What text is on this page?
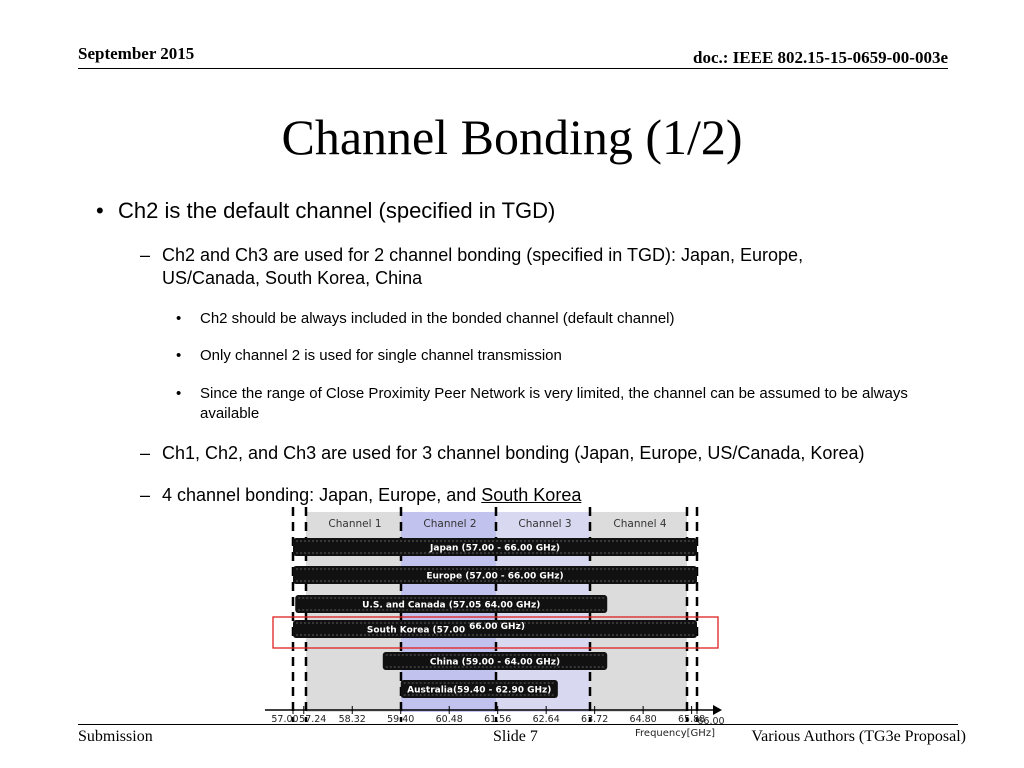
September 2015	doc.: IEEE 802.15-15-0659-00-003e
Channel Bonding (1/2)
• Ch2 is the default channel (specified in TGD)
– Ch2 and Ch3 are used for 2 channel bonding (specified in TGD): Japan, Europe, US/Canada, South Korea, China
• Ch2 should be always included in the bonded channel (default channel)
• Only channel 2 is used for single channel transmission
• Since the range of Close Proximity Peer Network is very limited, the channel can be assumed to be always available
– Ch1, Ch2, and Ch3 are used for 3 channel bonding (Japan, Europe, US/Canada, Korea)
– 4 channel bonding: Japan, Europe, and South Korea
Channel 1	Channel 2	Channel 3	Channel 4
Japan (57.00 - 66.00 GHz)
Europe (57.00 - 66.00 GHz)
U.S. and Canada (57.05 64.00 GHz)
South Korea (57.00 66.00 GHz)
China (59.00 - 64.00 GHz)
Australia(59.40 - 62.90 GHz)
57.00 57.24 58.32 59.40 60.48 61.56 62.64 63.72 64.80 65.88
66.00
Frequency[GHz]
Submission	Slide 7	Various Authors (TG3e Proposal)
